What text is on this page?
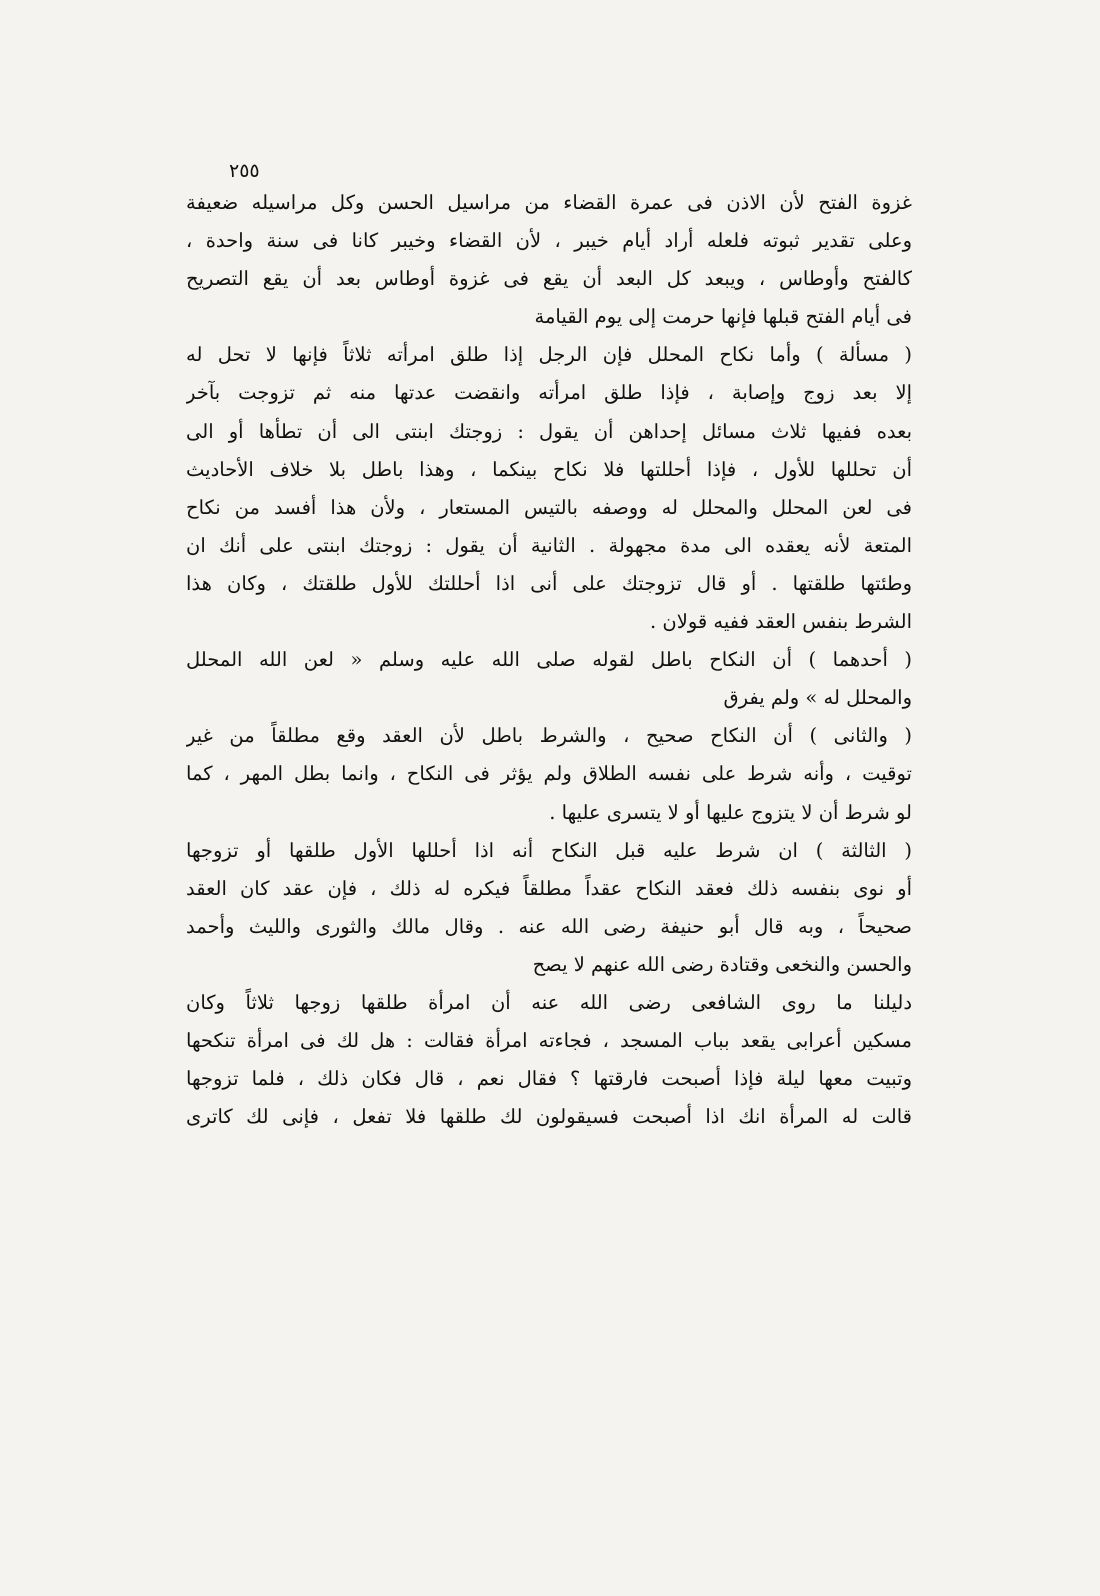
٢٥٥
غزوة الفتح لأن الاذن فى عمرة القضاء من مراسيل الحسن وكل مراسيله ضعيفة
وعلى تقدير ثبوته فلعله أراد أيام خيبر ، لأن القضاء وخيبر كانا فى سنة واحدة ،
كالفتح وأوطاس ، ويبعد كل البعد أن يقع فى غزوة أوطاس بعد أن يقع التصريح
فى أيام الفتح قبلها فإنها حرمت إلى يوم القيامة
( مسألة ) وأما نكاح المحلل فإن الرجل إذا طلق امرأته ثلاثاً فإنها لا تحل له
إلا بعد زوج وإصابة ، فإذا طلق امرأته وانقضت عدتها منه ثم تزوجت بآخر
بعده ففيها ثلاث مسائل إحداهن أن يقول : زوجتك ابنتى الى أن تطأها أو الى
أن تحللها للأول ، فإذا أحللتها فلا نكاح بينكما ، وهذا باطل بلا خلاف الأحاديث
فى لعن المحلل والمحلل له ووصفه بالتيس المستعار ، ولأن هذا أفسد من نكاح
المتعة لأنه يعقده الى مدة مجهولة . الثانية أن يقول : زوجتك ابنتى على أنك ان
وطئتها طلقتها . أو قال تزوجتك على أنى اذا أحللتك للأول طلقتك ، وكان هذا
الشرط بنفس العقد ففيه قولان .
( أحدهما ) أن النكاح باطل لقوله صلى الله عليه وسلم « لعن الله المحلل
والمحلل له » ولم يفرق
( والثانى ) أن النكاح صحيح ، والشرط باطل لأن العقد وقع مطلقاً من غير
توقيت ، وأنه شرط على نفسه الطلاق ولم يؤثر فى النكاح ، وانما بطل المهر ، كما
لو شرط أن لا يتزوج عليها أو لا يتسرى عليها .
( الثالثة ) ان شرط عليه قبل النكاح أنه اذا أحللها الأول طلقها أو تزوجها
أو نوى بنفسه ذلك فعقد النكاح عقداً مطلقاً فيكره له ذلك ، فإن عقد كان العقد
صحيحاً ، وبه قال أبو حنيفة رضى الله عنه . وقال مالك والثورى والليث وأحمد
والحسن والنخعى وقتادة رضى الله عنهم لا يصح
دليلنا ما روى الشافعى رضى الله عنه أن امرأة طلقها زوجها ثلاثاً وكان
مسكين أعرابى يقعد بباب المسجد ، فجاءته امرأة فقالت : هل لك فى امرأة تنكحها
وتبيت معها ليلة فإذا أصبحت فارقتها ؟ فقال نعم ، قال فكان ذلك ، فلما تزوجها
قالت له المرأة انك اذا أصبحت فسيقولون لك طلقها فلا تفعل ، فإنى لك كاترى
